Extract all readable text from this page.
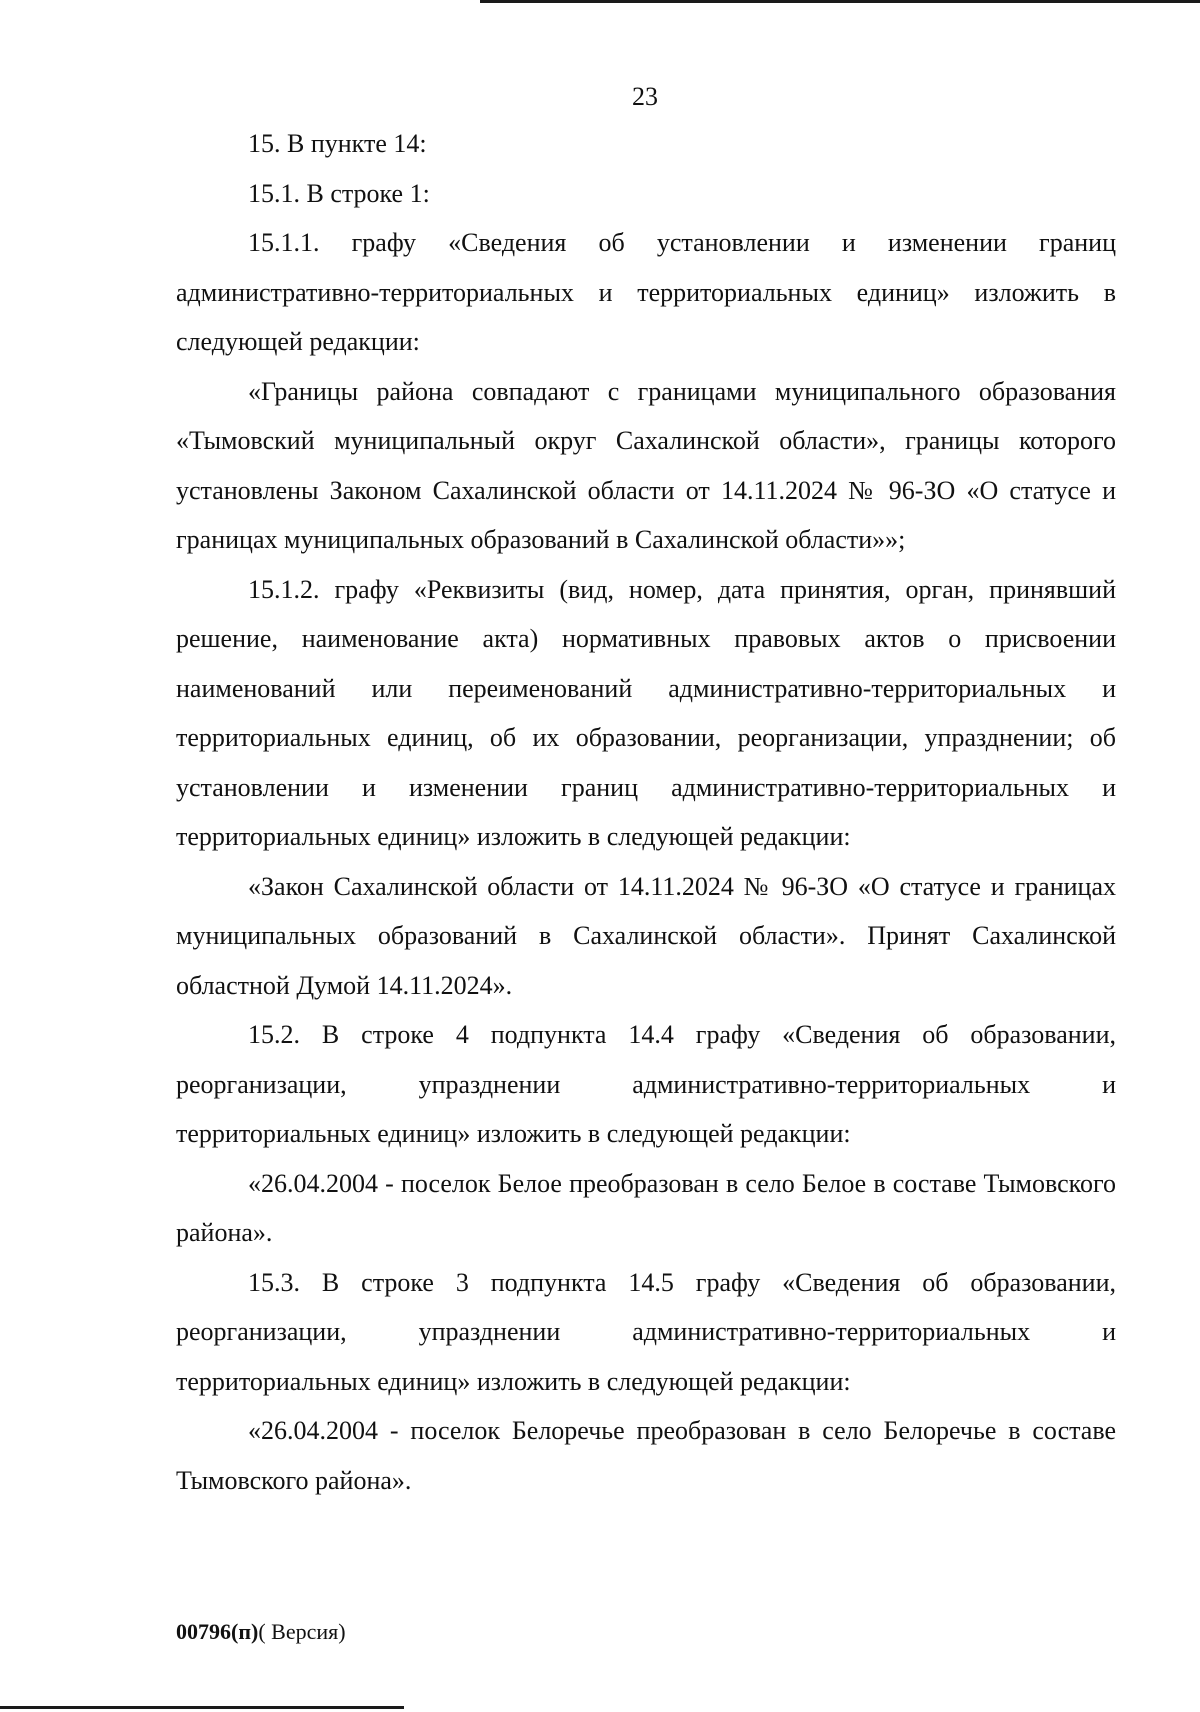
23

15. В пункте 14:

15.1. В строке 1:

15.1.1. графу «Сведения об установлении и изменении границ административно-территориальных и территориальных единиц» изложить в следующей редакции:

«Границы района совпадают с границами муниципального образования «Тымовский муниципальный округ Сахалинской области», границы которого установлены Законом Сахалинской области от 14.11.2024 № 96-ЗО «О статусе и границах муниципальных образований в Сахалинской области»»;

15.1.2. графу «Реквизиты (вид, номер, дата принятия, орган, принявший решение, наименование акта) нормативных правовых актов о присвоении наименований или переименований административно-территориальных и территориальных единиц, об их образовании, реорганизации, упразднении; об установлении и изменении границ административно-территориальных и территориальных единиц» изложить в следующей редакции:

«Закон Сахалинской области от 14.11.2024 № 96-ЗО «О статусе и границах муниципальных образований в Сахалинской области». Принят Сахалинской областной Думой 14.11.2024».

15.2. В строке 4 подпункта 14.4 графу «Сведения об образовании, реорганизации, упразднении административно-территориальных и территориальных единиц» изложить в следующей редакции:

«26.04.2004 - поселок Белое преобразован в село Белое в составе Тымовского района».

15.3. В строке 3 подпункта 14.5 графу «Сведения об образовании, реорганизации, упразднении административно-территориальных и территориальных единиц» изложить в следующей редакции:

«26.04.2004 - поселок Белоречье преобразован в село Белоречье в составе Тымовского района».

00796(п)( Версия)
